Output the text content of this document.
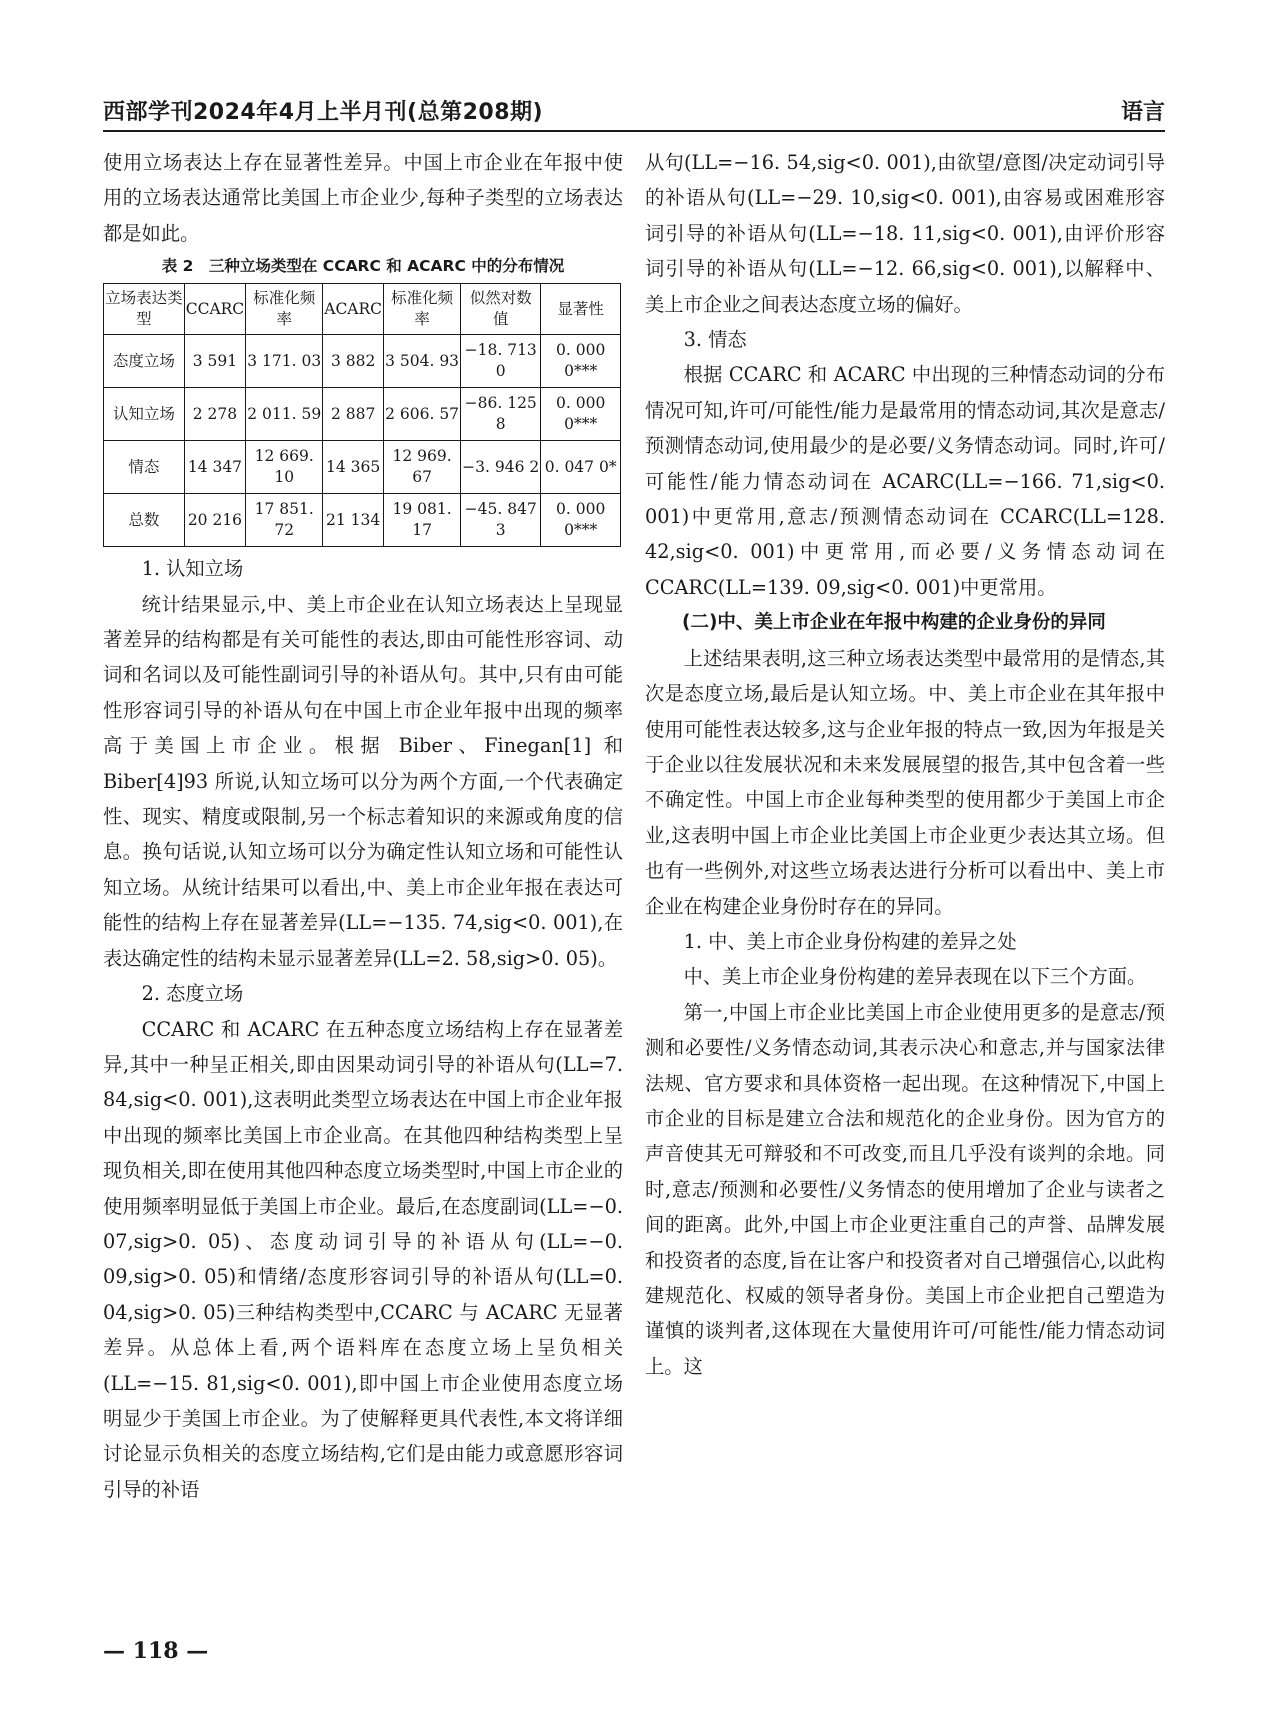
西部学刊2024年4月上半月刊(总第208期)	语言

使用立场表达上存在显著性差异。中国上市企业在年报中使用的立场表达通常比美国上市企业少,每种子类型的立场表达都是如此。

表 2　三种立场类型在 CCARC 和 ACARC 中的分布情况
立场表达类型	CCARC	标准化频率	ACARC	标准化频率	似然对数值	显著性
态度立场	3 591	3 171. 03	3 882	3 504. 93	−18. 713 0	0. 000 0***
认知立场	2 278	2 011. 59	2 887	2 606. 57	−86. 125 8	0. 000 0***
情态	14 347	12 669. 10	14 365	12 969. 67	−3. 946 2	0. 047 0*
总数	20 216	17 851. 72	21 134	19 081. 17	−45. 847 3	0. 000 0***

1. 认知立场

统计结果显示,中、美上市企业在认知立场表达上呈现显著差异的结构都是有关可能性的表达,即由可能性形容词、动词和名词以及可能性副词引导的补语从句。其中,只有由可能性形容词引导的补语从句在中国上市企业年报中出现的频率高于美国上市企业。根据 Biber、Finegan[1] 和 Biber[4]93 所说,认知立场可以分为两个方面,一个代表确定性、现实、精度或限制,另一个标志着知识的来源或角度的信息。换句话说,认知立场可以分为确定性认知立场和可能性认知立场。从统计结果可以看出,中、美上市企业年报在表达可能性的结构上存在显著差异(LL=−135. 74,sig<0. 001),在表达确定性的结构未显示显著差异(LL=2. 58,sig>0. 05)。

2. 态度立场

CCARC 和 ACARC 在五种态度立场结构上存在显著差异,其中一种呈正相关,即由因果动词引导的补语从句(LL=7. 84,sig<0. 001),这表明此类型立场表达在中国上市企业年报中出现的频率比美国上市企业高。在其他四种结构类型上呈现负相关,即在使用其他四种态度立场类型时,中国上市企业的使用频率明显低于美国上市企业。最后,在态度副词(LL=−0. 07,sig>0. 05)、态度动词引导的补语从句(LL=−0. 09,sig>0. 05)和情绪/态度形容词引导的补语从句(LL=0. 04,sig>0. 05)三种结构类型中,CCARC 与 ACARC 无显著差异。从总体上看,两个语料库在态度立场上呈负相关(LL=−15. 81,sig<0. 001),即中国上市企业使用态度立场明显少于美国上市企业。为了使解释更具代表性,本文将详细讨论显示负相关的态度立场结构,它们是由能力或意愿形容词引导的补语

从句(LL=−16. 54,sig<0. 001),由欲望/意图/决定动词引导的补语从句(LL=−29. 10,sig<0. 001),由容易或困难形容词引导的补语从句(LL=−18. 11,sig<0. 001),由评价形容词引导的补语从句(LL=−12. 66,sig<0. 001),以解释中、美上市企业之间表达态度立场的偏好。

3. 情态

根据 CCARC 和 ACARC 中出现的三种情态动词的分布情况可知,许可/可能性/能力是最常用的情态动词,其次是意志/预测情态动词,使用最少的是必要/义务情态动词。同时,许可/可能性/能力情态动词在 ACARC(LL=−166. 71,sig<0. 001)中更常用,意志/预测情态动词在 CCARC(LL=128. 42,sig<0. 001)中更常用,而必要/义务情态动词在 CCARC(LL=139. 09,sig<0. 001)中更常用。

(二)中、美上市企业在年报中构建的企业身份的异同

上述结果表明,这三种立场表达类型中最常用的是情态,其次是态度立场,最后是认知立场。中、美上市企业在其年报中使用可能性表达较多,这与企业年报的特点一致,因为年报是关于企业以往发展状况和未来发展展望的报告,其中包含着一些不确定性。中国上市企业每种类型的使用都少于美国上市企业,这表明中国上市企业比美国上市企业更少表达其立场。但也有一些例外,对这些立场表达进行分析可以看出中、美上市企业在构建企业身份时存在的异同。

1. 中、美上市企业身份构建的差异之处

中、美上市企业身份构建的差异表现在以下三个方面。

第一,中国上市企业比美国上市企业使用更多的是意志/预测和必要性/义务情态动词,其表示决心和意志,并与国家法律法规、官方要求和具体资格一起出现。在这种情况下,中国上市企业的目标是建立合法和规范化的企业身份。因为官方的声音使其无可辩驳和不可改变,而且几乎没有谈判的余地。同时,意志/预测和必要性/义务情态的使用增加了企业与读者之间的距离。此外,中国上市企业更注重自己的声誉、品牌发展和投资者的态度,旨在让客户和投资者对自己增强信心,以此构建规范化、权威的领导者身份。美国上市企业把自己塑造为谨慎的谈判者,这体现在大量使用许可/可能性/能力情态动词上。这

— 118 —
